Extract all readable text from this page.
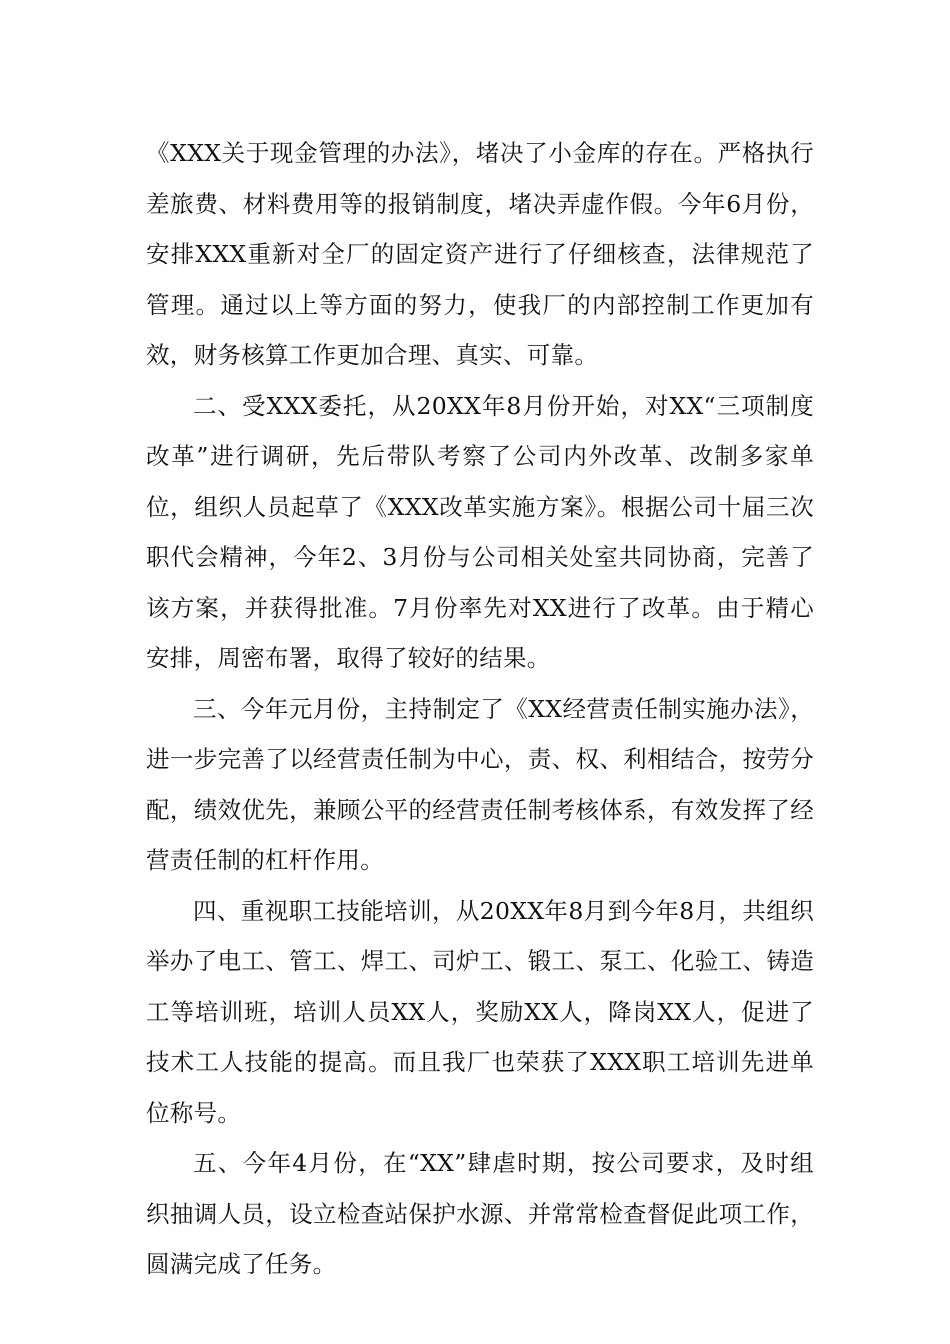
《XXX关于现金管理的办法》，堵决了小金库的存在。严格执行差旅费、材料费用等的报销制度，堵决弄虚作假。今年6月份，安排XXX重新对全厂的固定资产进行了仔细核查，法律规范了管理。通过以上等方面的努力，使我厂的内部控制工作更加有效，财务核算工作更加合理、真实、可靠。

二、受XXX委托，从20XX年8月份开始，对XX“三项制度改革”进行调研，先后带队考察了公司内外改革、改制多家单位，组织人员起草了《XXX改革实施方案》。根据公司十届三次职代会精神，今年2、3月份与公司相关处室共同协商，完善了该方案，并获得批准。7月份率先对XX进行了改革。由于精心安排，周密布署，取得了较好的结果。

三、今年元月份，主持制定了《XX经营责任制实施办法》，进一步完善了以经营责任制为中心，责、权、利相结合，按劳分配，绩效优先，兼顾公平的经营责任制考核体系，有效发挥了经营责任制的杠杆作用。

四、重视职工技能培训，从20XX年8月到今年8月，共组织举办了电工、管工、焊工、司炉工、锻工、泵工、化验工、铸造工等培训班，培训人员XX人，奖励XX人，降岗XX人，促进了技术工人技能的提高。而且我厂也荣获了XXX职工培训先进单位称号。

五、今年4月份，在“XX”肆虐时期，按公司要求，及时组织抽调人员，设立检查站保护水源、并常常检查督促此项工作，圆满完成了任务。
